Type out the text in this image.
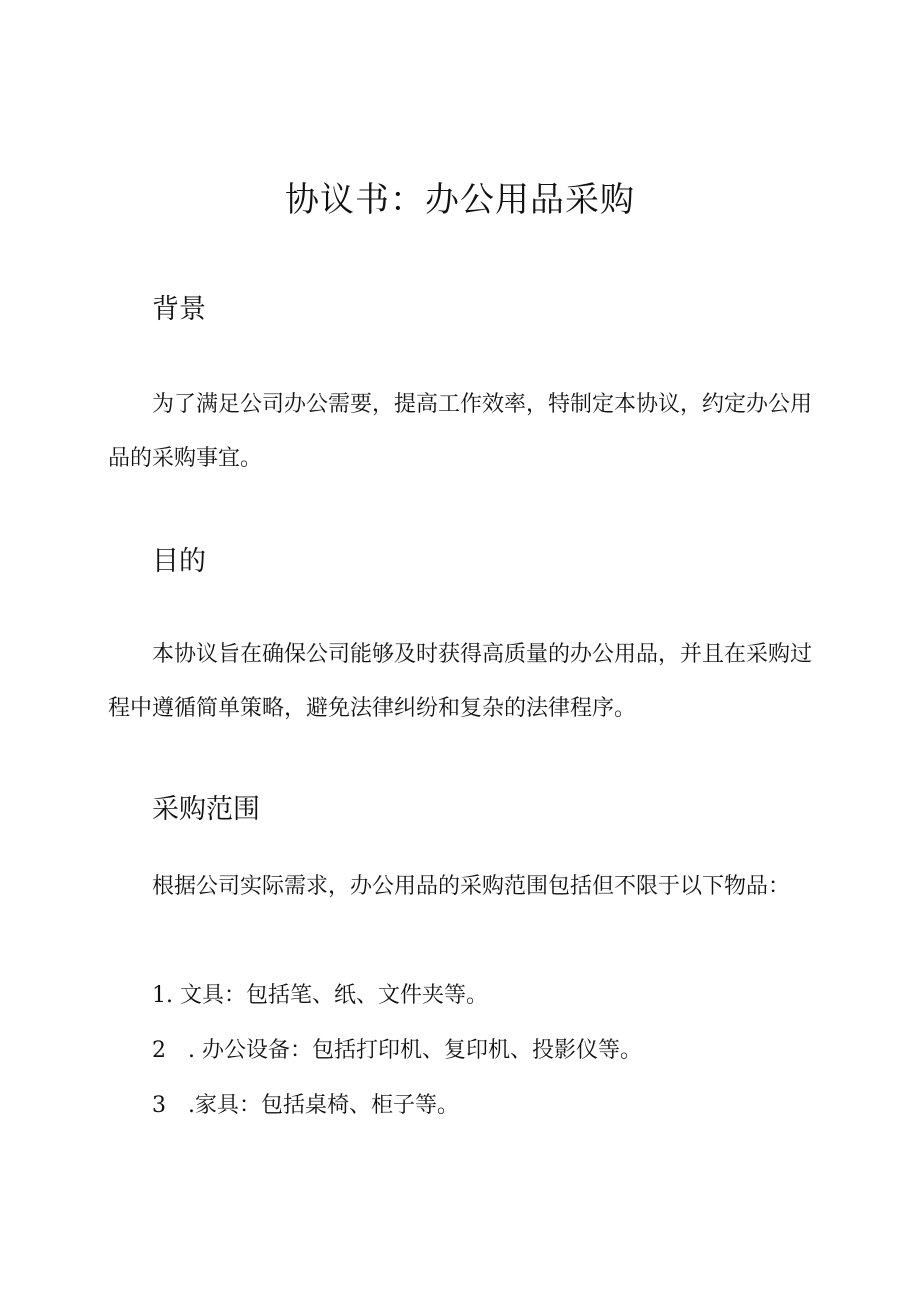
协议书：办公用品采购
背景

为了满足公司办公需要，提高工作效率，特制定本协议，约定办公用品的采购事宜。

目的

本协议旨在确保公司能够及时获得高质量的办公用品，并且在采购过程中遵循简单策略，避免法律纠纷和复杂的法律程序。

采购范围

根据公司实际需求，办公用品的采购范围包括但不限于以下物品：

1. 文具：包括笔、纸、文件夹等。

2　. 办公设备：包括打印机、复印机、投影仪等。

3　.家具：包括桌椅、柜子等。
